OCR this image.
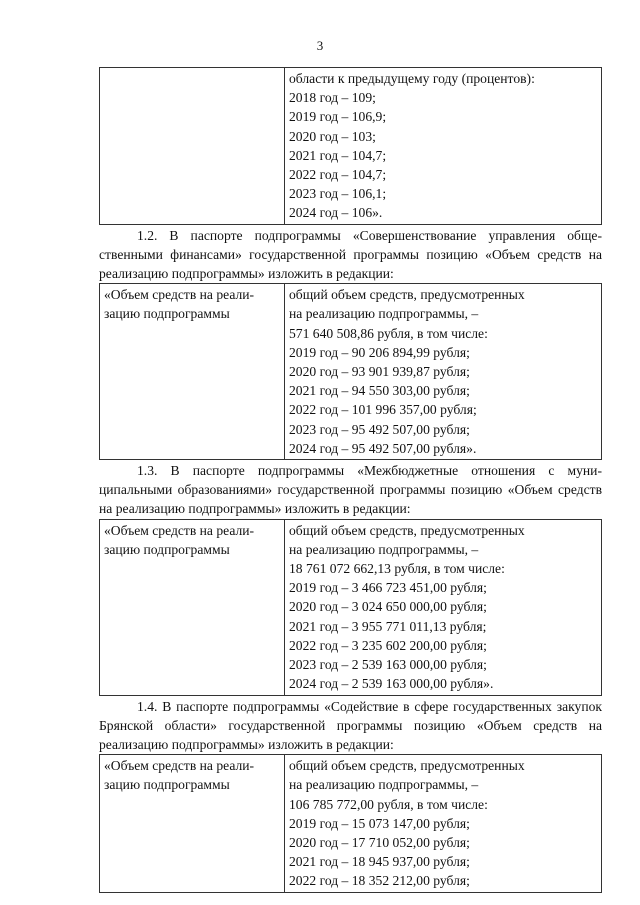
3

области к предыдущему году (процентов):
2018 год – 109;
2019 год – 106,9;
2020 год – 103;
2021 год – 104,7;
2022 год – 104,7;
2023 год – 106,1;
2024 год – 106».

1.2. В паспорте подпрограммы «Совершенствование управления общественными финансами» государственной программы позицию «Объем средств на реализацию подпрограммы» изложить в редакции:

«Объем средств на реали-
зацию подпрограммы

общий объем средств, предусмотренных
на реализацию подпрограммы, –
571 640 508,86 рубля, в том числе:
2019 год – 90 206 894,99 рубля;
2020 год – 93 901 939,87 рубля;
2021 год – 94 550 303,00 рубля;
2022 год – 101 996 357,00 рубля;
2023 год – 95 492 507,00 рубля;
2024 год – 95 492 507,00 рубля».

1.3. В паспорте подпрограммы «Межбюджетные отношения с муниципальными образованиями» государственной программы позицию «Объем средств на реализацию подпрограммы» изложить в редакции:

«Объем средств на реали-
зацию подпрограммы

общий объем средств, предусмотренных
на реализацию подпрограммы, –
18 761 072 662,13 рубля, в том числе:
2019 год – 3 466 723 451,00 рубля;
2020 год – 3 024 650 000,00 рубля;
2021 год – 3 955 771 011,13 рубля;
2022 год – 3 235 602 200,00 рубля;
2023 год – 2 539 163 000,00 рубля;
2024 год – 2 539 163 000,00 рубля».

1.4. В паспорте подпрограммы «Содействие в сфере государственных закупок Брянской области» государственной программы позицию «Объем средств на реализацию подпрограммы» изложить в редакции:

«Объем средств на реали-
зацию подпрограммы

общий объем средств, предусмотренных
на реализацию подпрограммы, –
106 785 772,00 рубля, в том числе:
2019 год – 15 073 147,00 рубля;
2020 год – 17 710 052,00 рубля;
2021 год – 18 945 937,00 рубля;
2022 год – 18 352 212,00 рубля;
